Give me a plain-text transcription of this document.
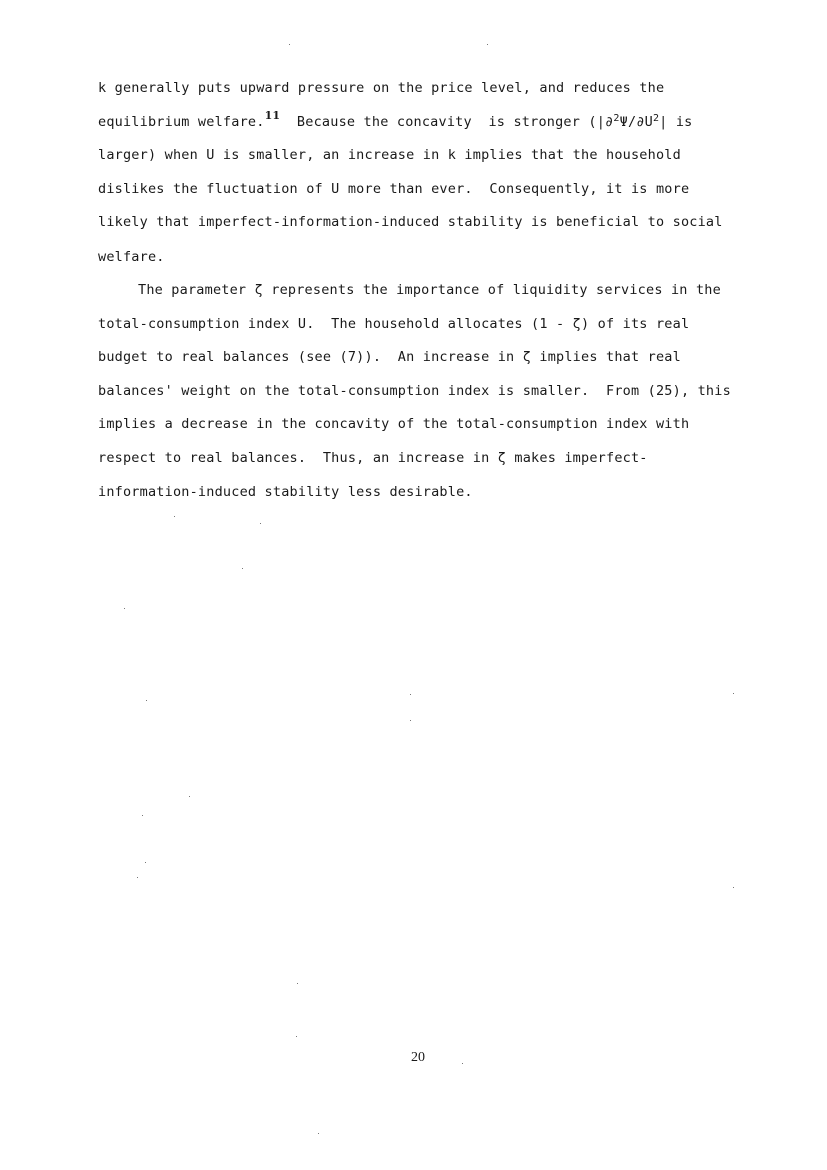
k generally puts upward pressure on the price level, and reduces the
equilibrium welfare.$^{11}$  Because the concavity  is stronger ($|\partial^2\Psi/\partial U^2|$ is
larger) when U is smaller, an increase in k implies that the household
dislikes the fluctuation of U more than ever.  Consequently, it is more
likely that imperfect-information-induced stability is beneficial to social
welfare.
The parameter ζ represents the importance of liquidity services in the
total-consumption index U.  The household allocates (1 - ζ) of its real
budget to real balances (see (7)).  An increase in ζ implies that real
balances' weight on the total-consumption index is smaller.  From (25), this
implies a decrease in the concavity of the total-consumption index with
respect to real balances.  Thus, an increase in ζ makes imperfect-
information-induced stability less desirable.
20
